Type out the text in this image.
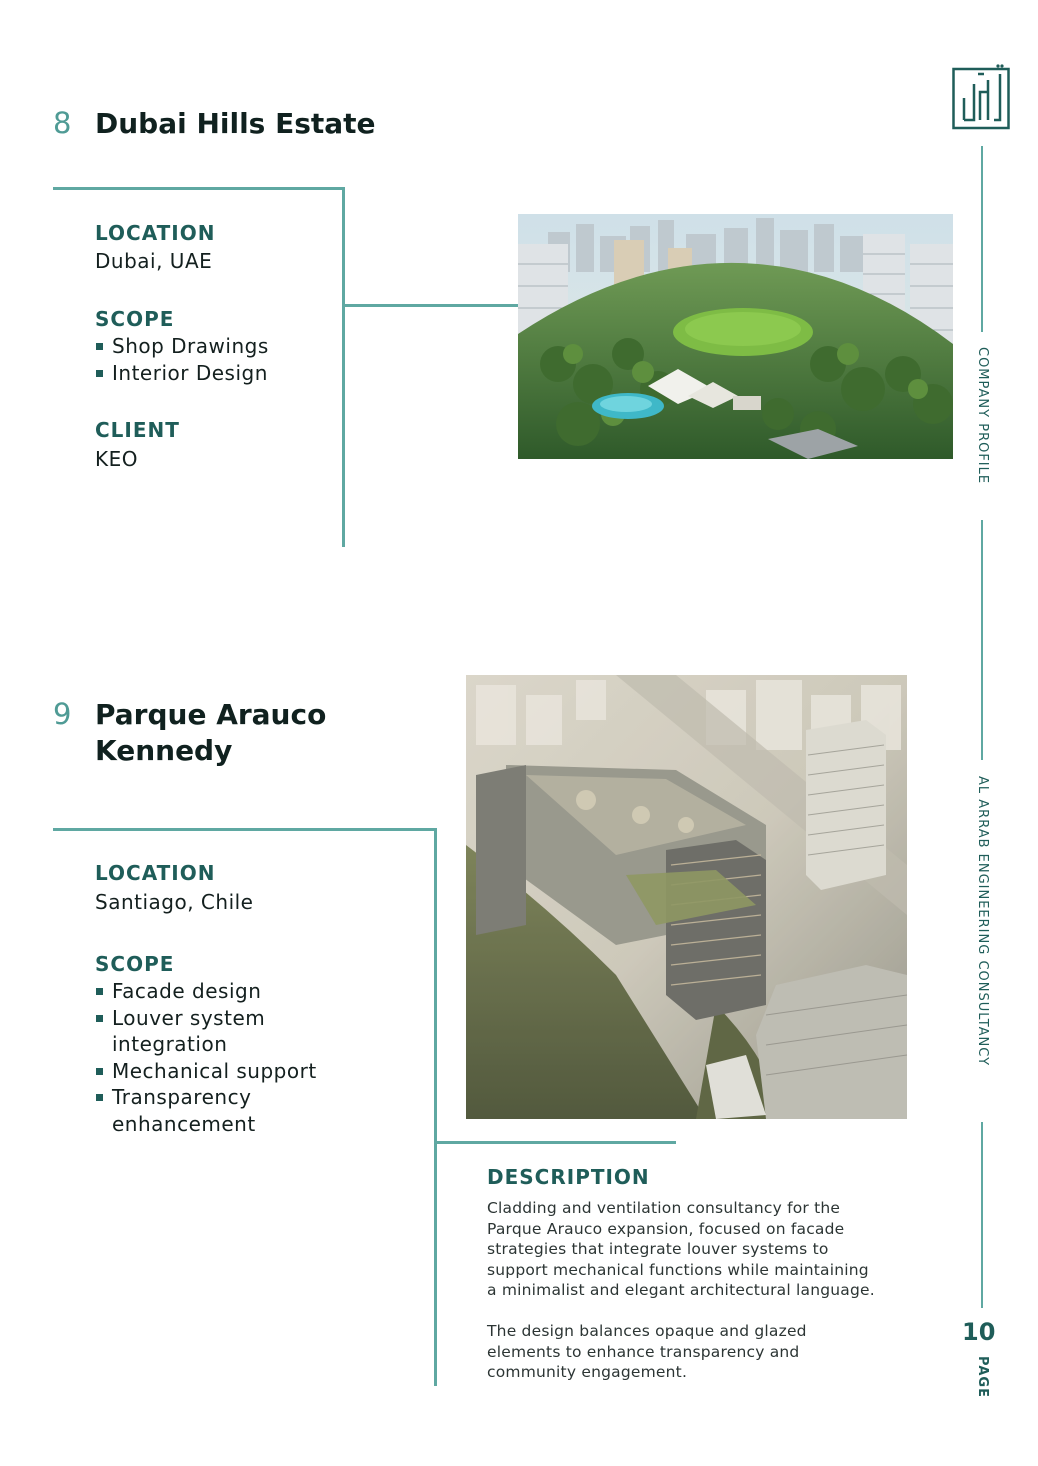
COMPANY PROFILE
AL ARRAB ENGINEERING CONSULTANCY
10
PAGE
8 Dubai Hills Estate
LOCATION
Dubai, UAE
SCOPE
Shop Drawings
Interior Design
CLIENT
KEO
9 Parque Arauco
Kennedy
LOCATION
Santiago, Chile
SCOPE
Facade design
Louver system
integration
Mechanical support
Transparency
enhancement
DESCRIPTION
Cladding and ventilation consultancy for the
Parque Arauco expansion, focused on facade
strategies that integrate louver systems to
support mechanical functions while maintaining
a minimalist and elegant architectural language.
The design balances opaque and glazed
elements to enhance transparency and
community engagement.
